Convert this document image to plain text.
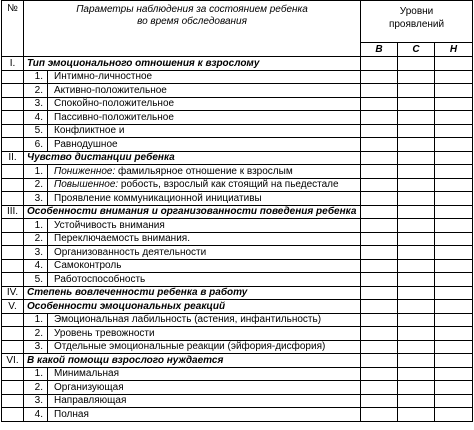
№	Параметры наблюдения за состоянием ребенка
во время обследования		Уровни
проявлений		
			В	С	Н
I.	Тип эмоционального отношения к взрослому				
	1.	Интимно-личностное			
	2.	Активно-положительное			
	3.	Спокойно-положительное			
	4.	Пассивно-положительное			
	5.	Конфликтное и			
	6.	Равнодушное			
II.	Чувство дистанции ребенка				
	1.	Пониженное: фамильярное отношение к взрослым			
	2.	Повышенное: робость, взрослый как стоящий на пьедестале			
	3.	Проявление коммуникационной инициативы			
III.	Особенности внимания и организованности поведения ребенка				
	1.	Устойчивость внимания			
	2.	Переключаемость внимания.			
	3.	Организованность деятельности			
	4.	Самоконтроль			
	5.	Работоспособность			
IV.	Степень вовлеченности ребенка в работу				
V.	Особенности эмоциональных реакций				
	1.	Эмоциональная лабильность (астения, инфантильность)			
	2.	Уровень тревожности			
	3.	Отдельные эмоциональные реакции (эйфория-дисфория)			
VI.	В какой помощи взрослого нуждается				
	1.	Минимальная			
	2.	Организующая			
	3.	Направляющая			
	4.	Полная			
